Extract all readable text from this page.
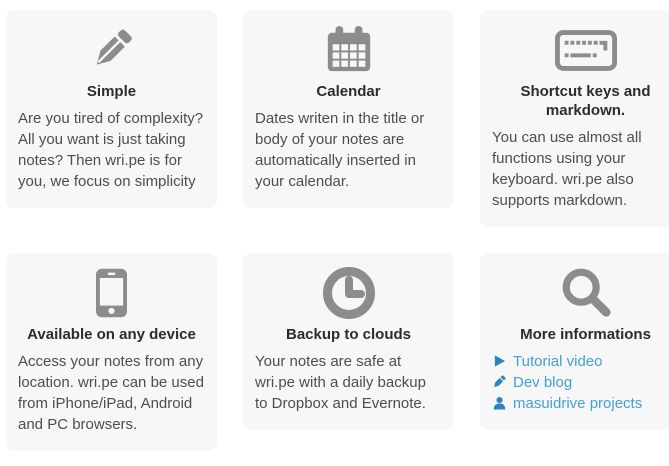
Simple

Are you tired of complexity? All you want is just taking notes? Then wri.pe is for you, we focus on simplicity

Calendar

Dates writen in the title or body of your notes are automatically inserted in your calendar.

Shortcut keys and markdown.

You can use almost all functions using your keyboard. wri.pe also supports markdown.

Available on any device

Access your notes from any location. wri.pe can be used from iPhone/iPad, Android and PC browsers.

Backup to clouds

Your notes are safe at wri.pe with a daily backup to Dropbox and Evernote.

More informations
Tutorial video
Dev blog
masuidrive projects
